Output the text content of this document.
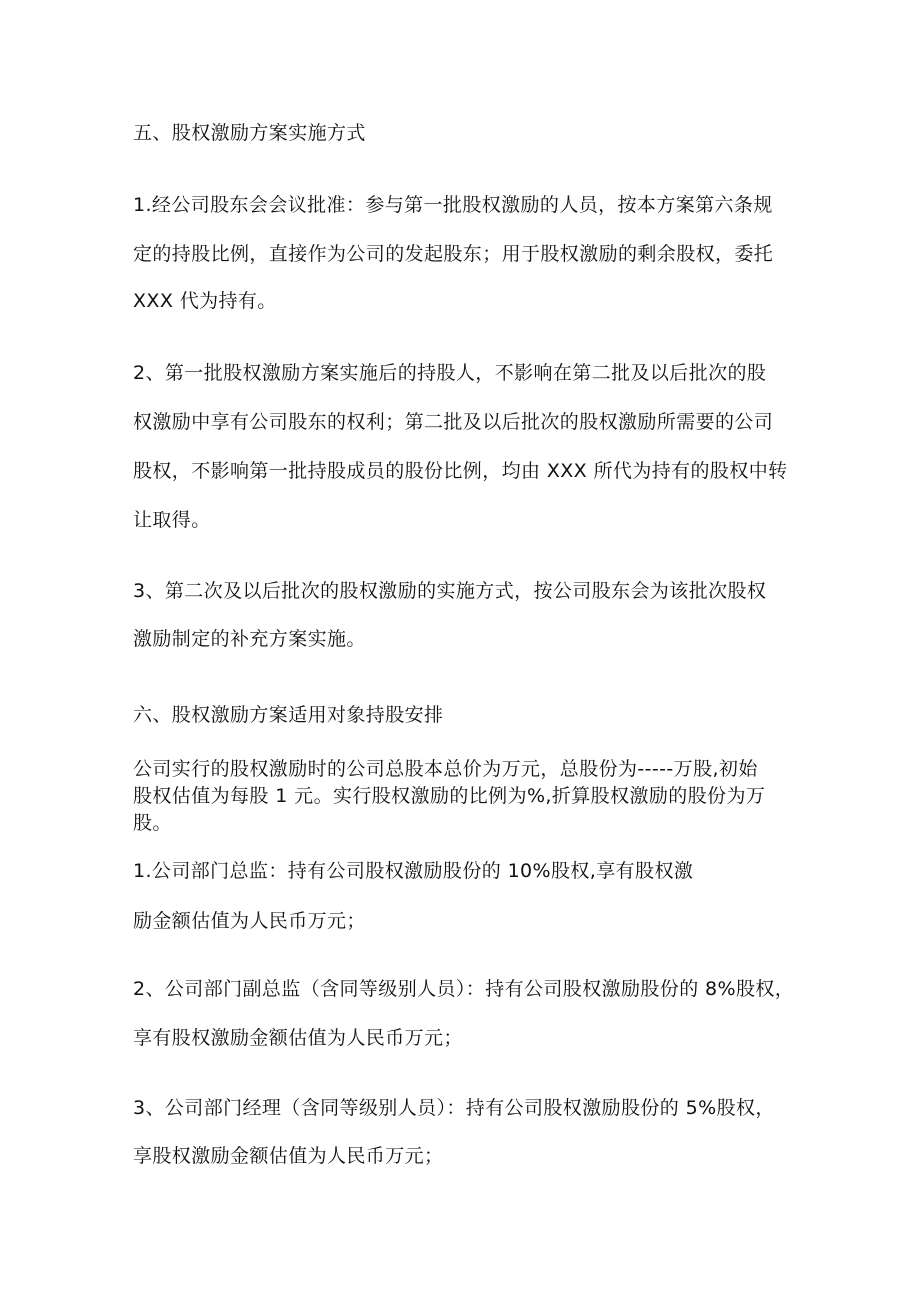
五、股权激励方案实施方式
1.经公司股东会会议批准：参与第一批股权激励的人员，按本方案第六条规
定的持股比例，直接作为公司的发起股东；用于股权激励的剩余股权，委托
XXX 代为持有。
2、第一批股权激励方案实施后的持股人，不影响在第二批及以后批次的股
权激励中享有公司股东的权利；第二批及以后批次的股权激励所需要的公司
股权，不影响第一批持股成员的股份比例，均由 XXX 所代为持有的股权中转
让取得。
3、第二次及以后批次的股权激励的实施方式，按公司股东会为该批次股权
激励制定的补充方案实施。
六、股权激励方案适用对象持股安排
公司实行的股权激励时的公司总股本总价为万元，总股份为-----万股,初始
股权估值为每股 1 元。实行股权激励的比例为%,折算股权激励的股份为万
股。
1.公司部门总监：持有公司股权激励股份的 10%股权,享有股权激
励金额估值为人民币万元；
2、公司部门副总监（含同等级别人员）：持有公司股权激励股份的 8%股权，
享有股权激励金额估值为人民币万元；
3、公司部门经理（含同等级别人员）：持有公司股权激励股份的 5%股权，
享股权激励金额估值为人民币万元；
